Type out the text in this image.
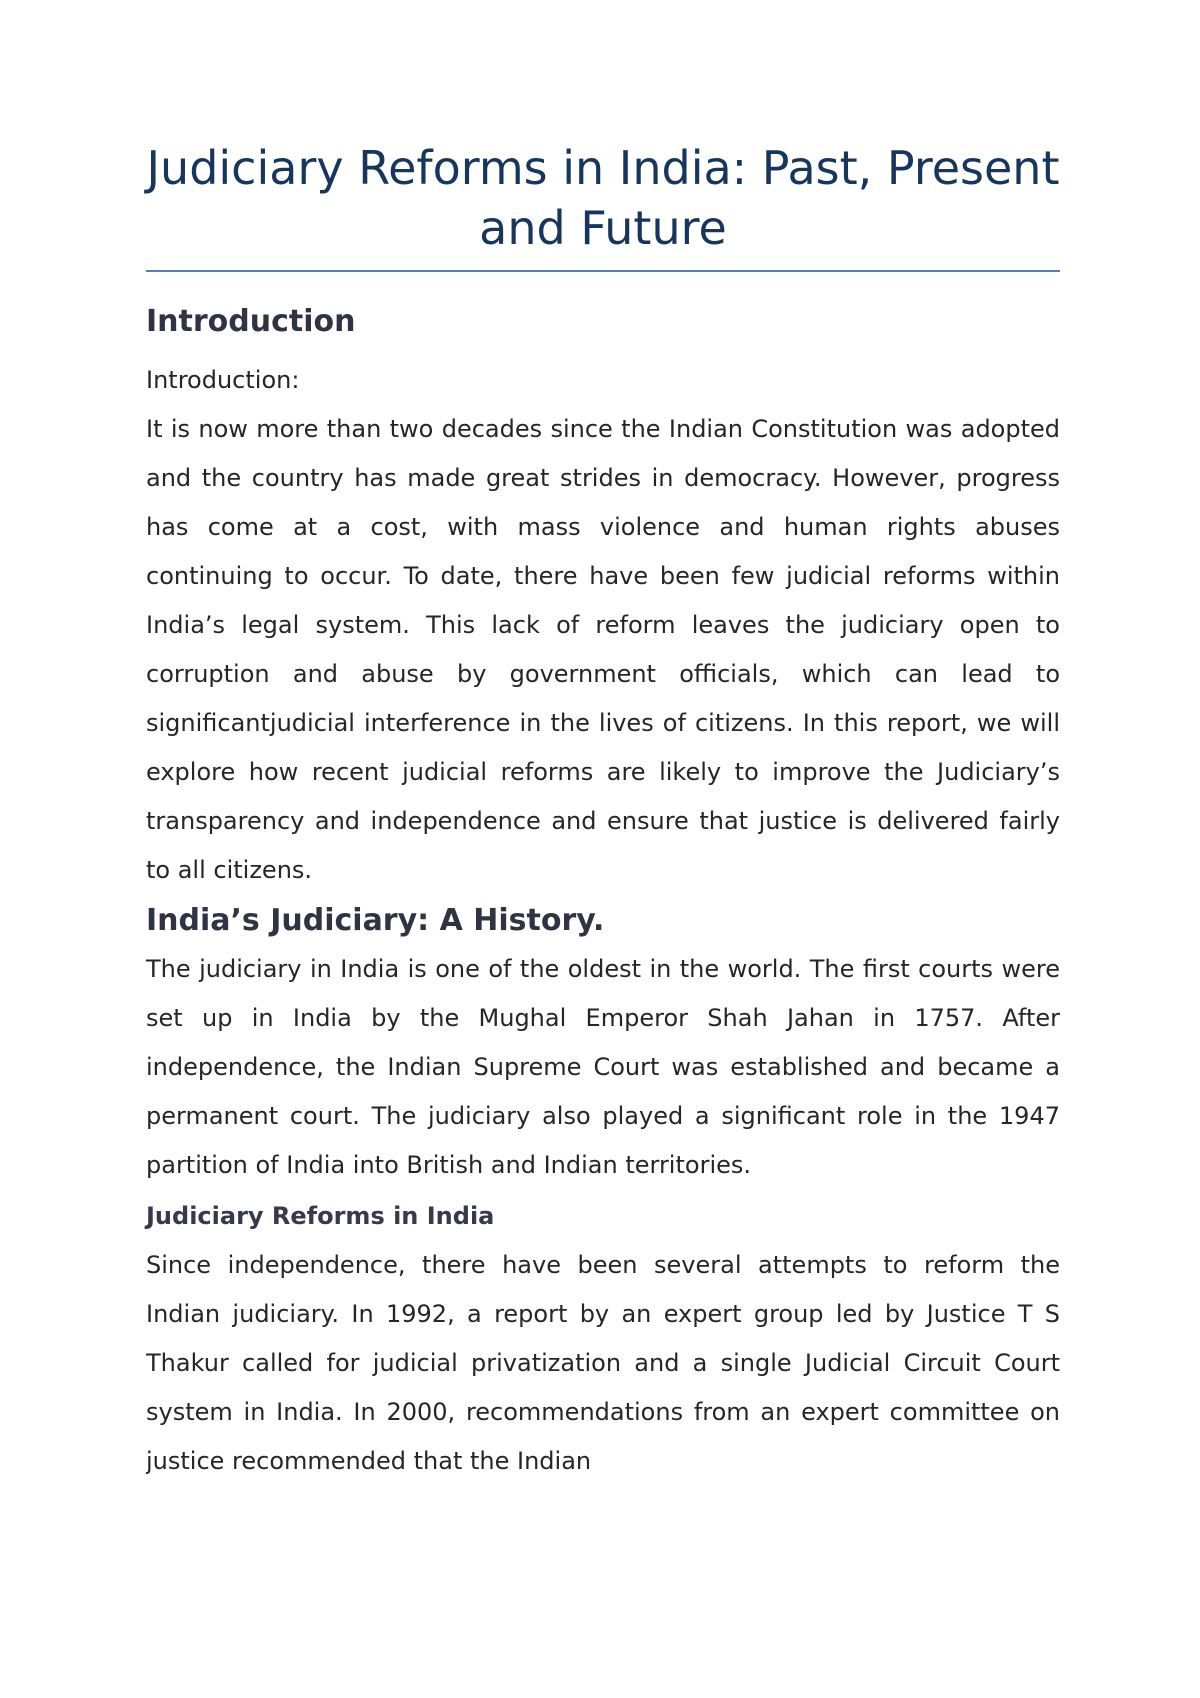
Judiciary Reforms in India: Past, Present and Future
Introduction

Introduction:

It is now more than two decades since the Indian Constitution was adopted and the country has made great strides in democracy. However, progress has come at a cost, with mass violence and human rights abuses continuing to occur. To date, there have been few judicial reforms within India’s legal system. This lack of reform leaves the judiciary open to corruption and abuse by government officials, which can lead to significantjudicial interference in the lives of citizens. In this report, we will explore how recent judicial reforms are likely to improve the Judiciary’s transparency and independence and ensure that justice is delivered fairly to all citizens.

India’s Judiciary: A History.

The judiciary in India is one of the oldest in the world. The first courts were set up in India by the Mughal Emperor Shah Jahan in 1757. After independence, the Indian Supreme Court was established and became a permanent court. The judiciary also played a significant role in the 1947 partition of India into British and Indian territories.

Judiciary Reforms in India

Since independence, there have been several attempts to reform the Indian judiciary. In 1992, a report by an expert group led by Justice T S Thakur called for judicial privatization and a single Judicial Circuit Court system in India. In 2000, recommendations from an expert committee on justice recommended that the Indian
